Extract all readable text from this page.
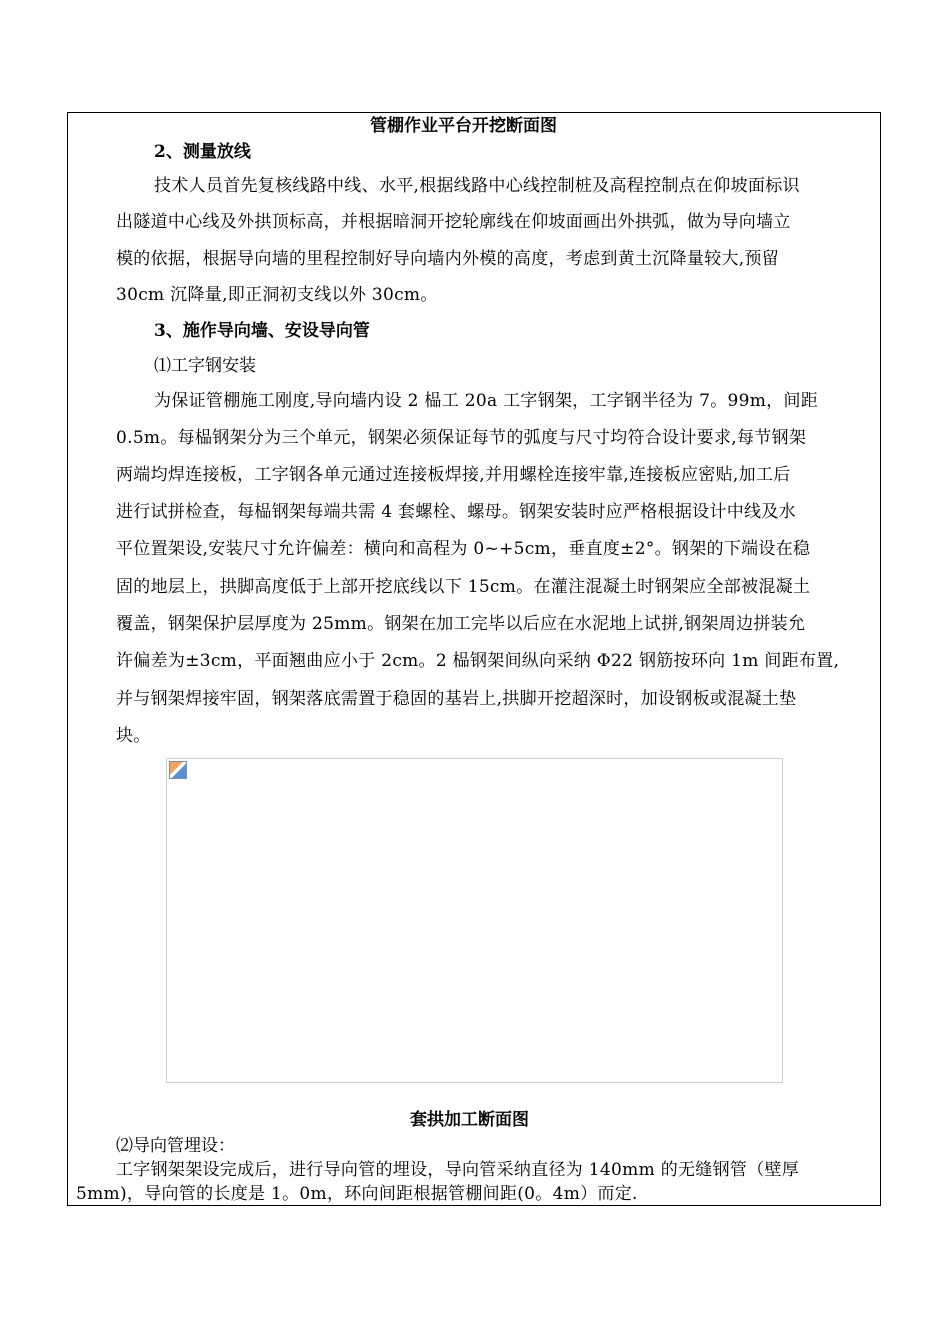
管棚作业平台开挖断面图
2、测量放线
技术人员首先复核线路中线、水平,根据线路中心线控制桩及高程控制点在仰坡面标识
出隧道中心线及外拱顶标高，并根据暗洞开挖轮廓线在仰坡面画出外拱弧，做为导向墙立
模的依据，根据导向墙的里程控制好导向墙内外模的高度，考虑到黄土沉降量较大,预留
30cm 沉降量,即正洞初支线以外 30cm。
3、施作导向墙、安设导向管
⑴工字钢安装
为保证管棚施工刚度,导向墙内设 2 榀工 20a 工字钢架，工字钢半径为 7。99m，间距
0.5m。每榀钢架分为三个单元，钢架必须保证每节的弧度与尺寸均符合设计要求,每节钢架
两端均焊连接板，工字钢各单元通过连接板焊接,并用螺栓连接牢靠,连接板应密贴,加工后
进行试拼检查，每榀钢架每端共需 4 套螺栓、螺母。钢架安装时应严格根据设计中线及水
平位置架设,安装尺寸允许偏差：横向和高程为 0~+5cm，垂直度±2°。钢架的下端设在稳
固的地层上，拱脚高度低于上部开挖底线以下 15cm。在灌注混凝土时钢架应全部被混凝土
覆盖，钢架保护层厚度为 25mm。钢架在加工完毕以后应在水泥地上试拼,钢架周边拼装允
许偏差为±3cm，平面翘曲应小于 2cm。2 榀钢架间纵向采纳 Φ22 钢筋按环向 1m 间距布置,
并与钢架焊接牢固，钢架落底需置于稳固的基岩上,拱脚开挖超深时，加设钢板或混凝土垫
块。
套拱加工断面图
⑵导向管埋设：
工字钢架架设完成后，进行导向管的埋设，导向管采纳直径为 140mm 的无缝钢管（壁厚
5mm)，导向管的长度是 1。0m，环向间距根据管棚间距(0。4m）而定.
